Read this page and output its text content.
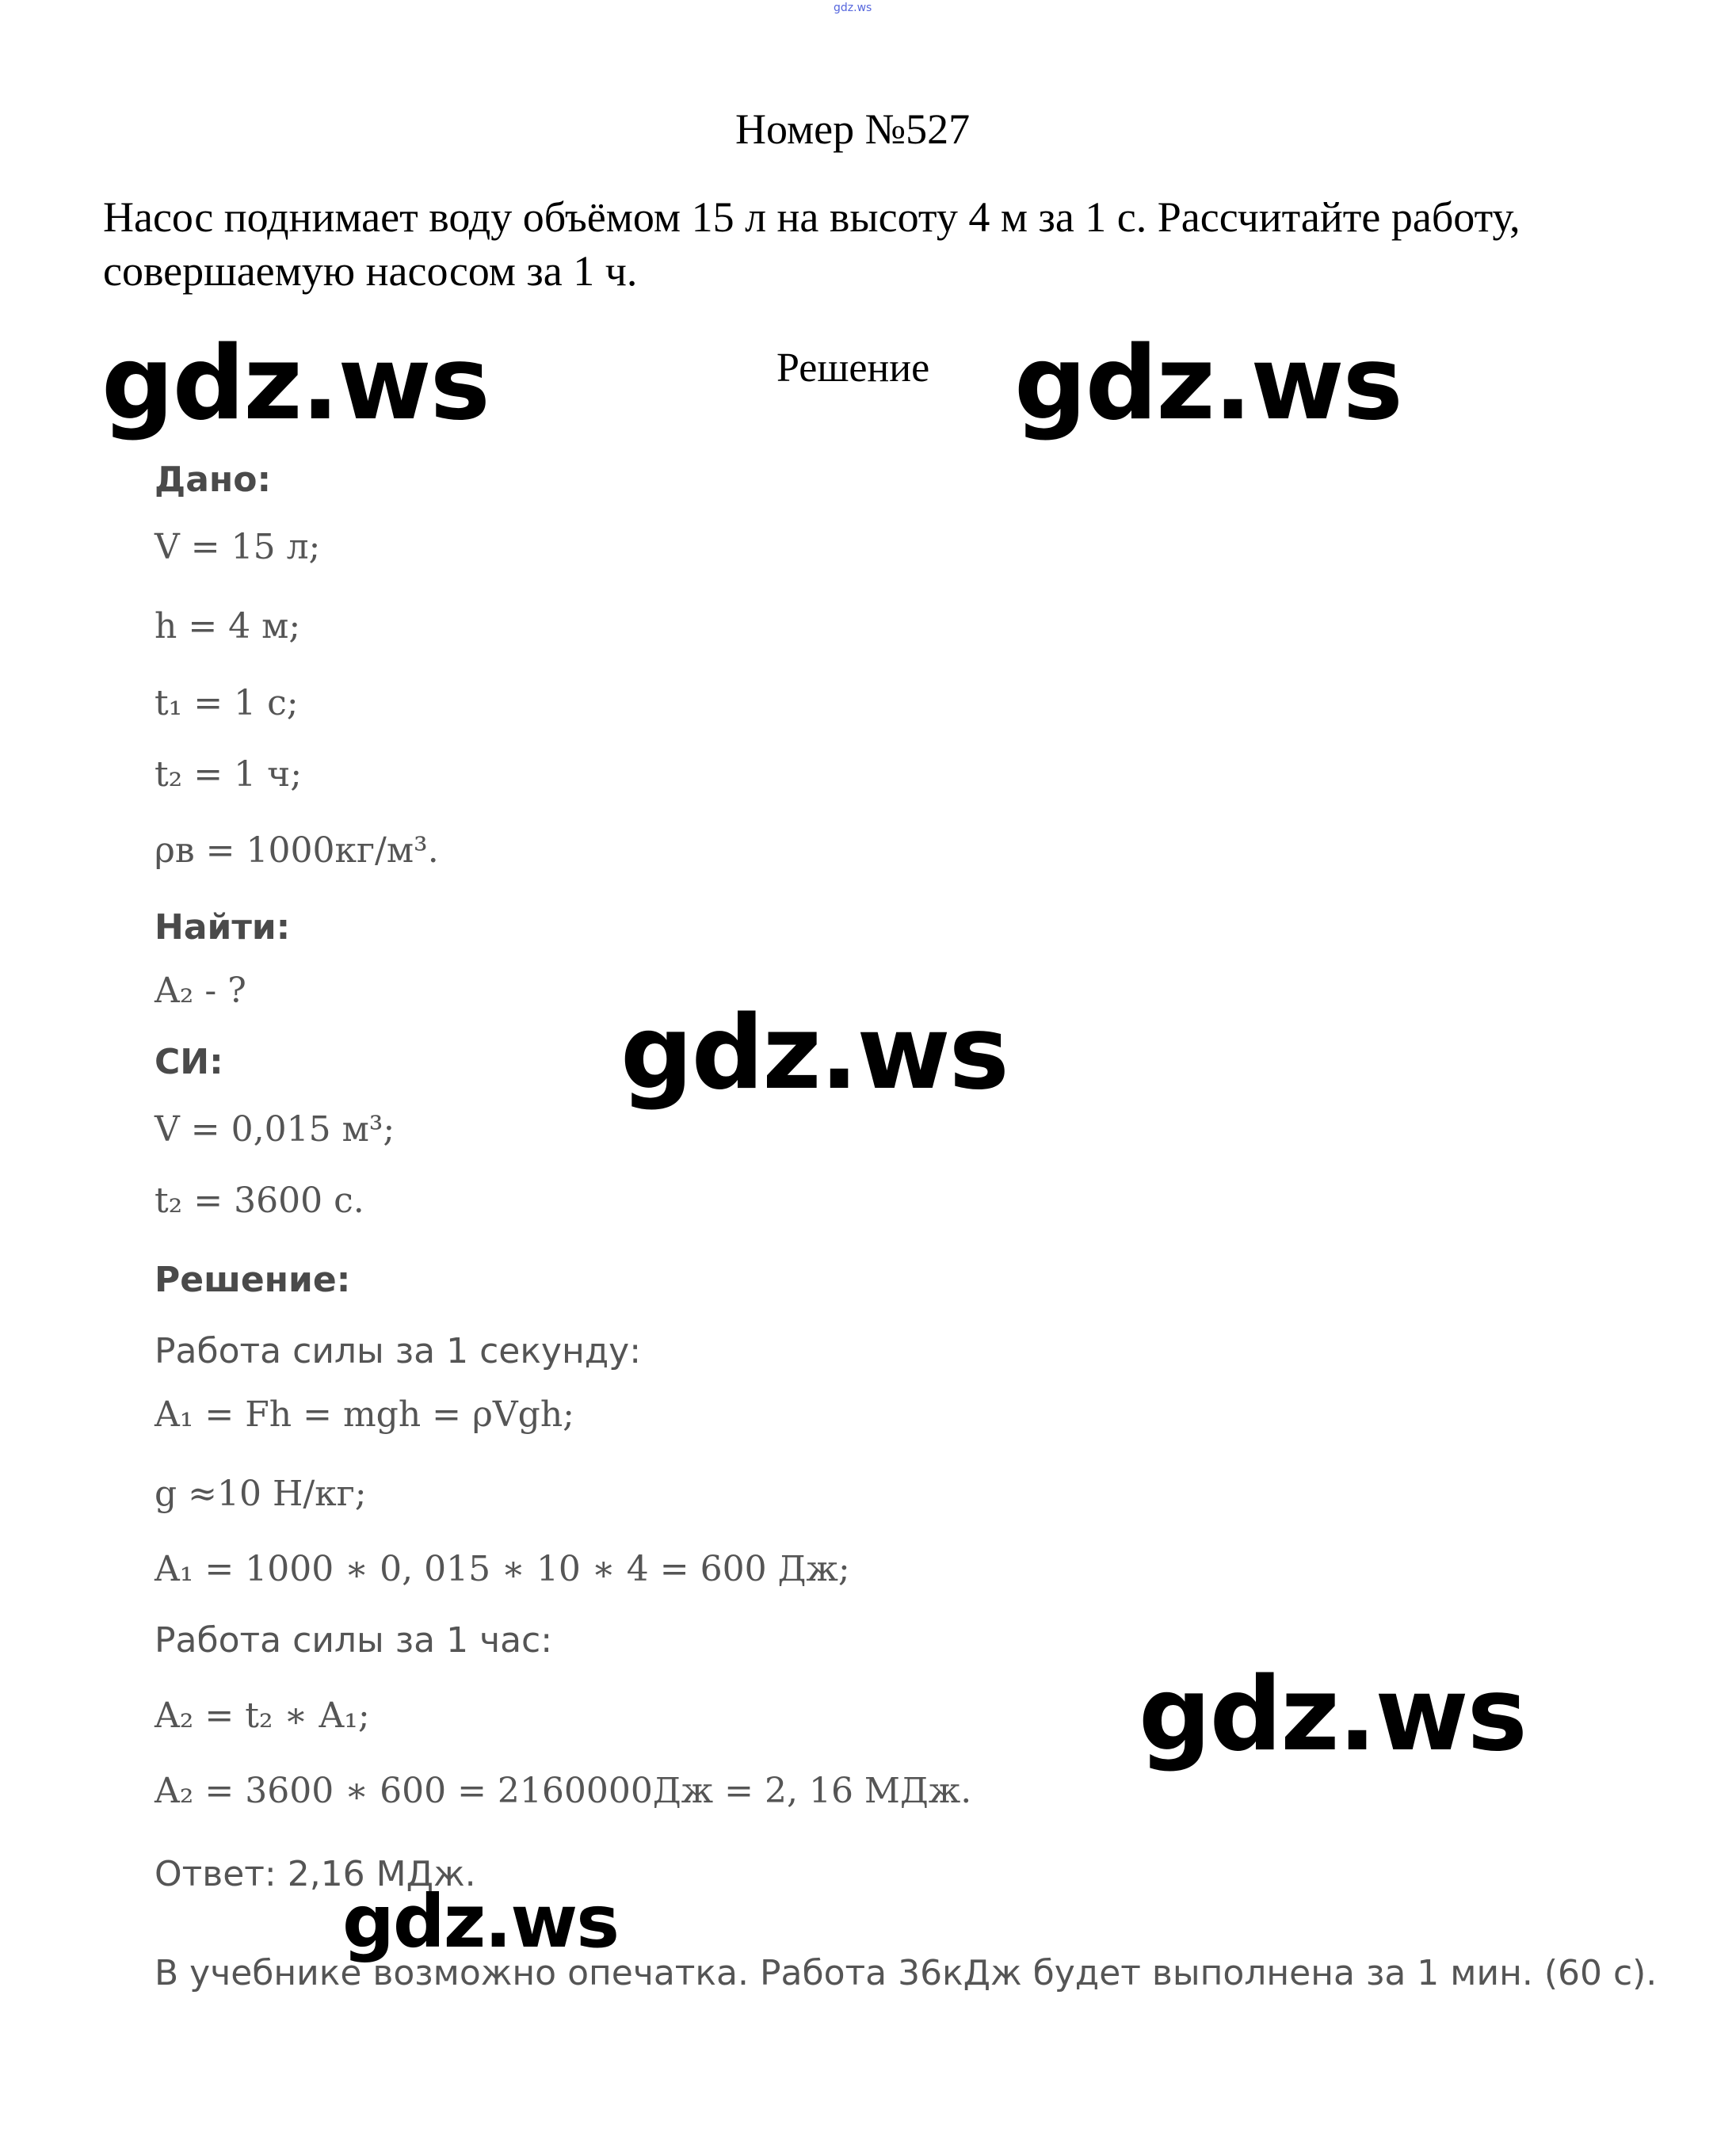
gdz.ws
Номер №527
Насос поднимает воду объёмом 15 л на высоту 4 м за 1 с. Рассчитайте работу, совершаемую насосом за 1 ч.
Решение
gdz.ws	gdz.ws
gdz.ws
gdz.ws
gdz.ws
Дано:
V = 15 л;
h = 4 м;
t₁ = 1 с;
t₂ = 1 ч;
ρв = 1000кг/м³.
Найти:
A₂ - ?
СИ:
V = 0,015 м³;
t₂ = 3600 с.
Решение:
Работа силы за 1 секунду:
A₁ = Fh = mgh = ρVgh;
g ≈10 Н/кг;
A₁ = 1000 ∗ 0, 015 ∗ 10 ∗ 4 = 600 Дж;
Работа силы за 1 час:
A₂ = t₂ ∗ A₁;
A₂ = 3600 ∗ 600 = 2160000Дж = 2, 16 МДж.
Ответ: 2,16 МДж.
В учебнике возможно опечатка. Работа 36кДж будет выполнена за 1 мин. (60 с).
